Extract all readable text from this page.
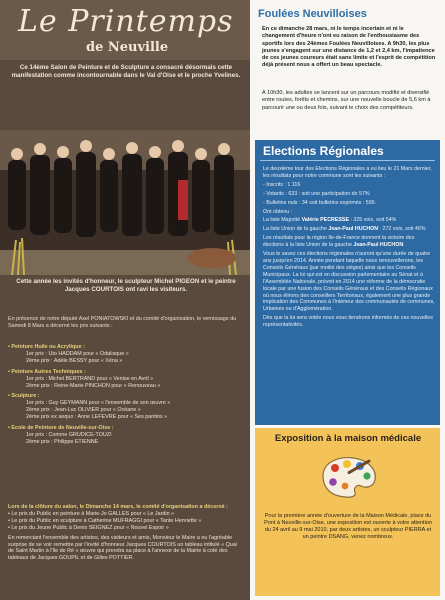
Le Printemps
de Neuville
Ce 14ème Salon de Peinture et de Sculpture a consacré désormais cette manifestation comme incontournable dans le Val d'Oise et le proche Yvelines.
Cette année les invités d'honneur, le sculpteur Michel PIGEON et le peintre Jacques COURTOIS ont ravi les visiteurs.
En présence de notre député Axel PONIATOWSKI et du comité d'organisation, le vernissage du Samedi 8 Mars a décerné les prix suivants :
• Peinture Huile ou Acrylique :
1er prix : Uto HADDAM pour « Odalisque »
2ème prix : Adèle BESSY pour « Xéna »
• Peinture Autres Techniques :
1er prix : Michel BERTRAND pour « Venise en Avril »
2ème prix : Reine-Marie PINCHON pour « Renouveau »
• Sculpture :
1er prix : Guy GEYMANN pour « l'ensemble de son œuvre »
2ème prix : Jean-Luc OLIVIER pour « Océane »
2ème prix ex aequo : Anne LEFEVRE pour « Ses pantins »
• Ecole de Peinture de Neuville-sur-Oise :
1er prix : Corinne GRUDICE-TOUZI
2ème prix : Philippe ETIENNE
Lors de la clôture du salon, le Dimanche 14 mars, le comité d'organisation a décerné :
• Le prix du Public en peinture à Marie-Jo GALLES pour « Le Jardin »
• Le prix du Public en sculpture à Catherine MUFRAGGI pour « Tante Henriette »
• Le prix du Jeune Public à Denis SEIGNEZ pour « Nouvel Espoir »

En remerciant l'ensemble des artistes, des visiteurs et amis, Monsieur le Maire a eu l'agréable surprise de se voir remettre par l'invité d'honneur Jacques COURTOIS un tableau intitulé « Quai de Saint Martin à l'île de Ré » œuvre qui prendra sa place à l'annexe de la Mairie à coté des tableaux de Jacques GOUPIL et de Gilles POTTIER.

Foulées Neuvilloises
En ce dimanche 28 mars, ni le temps incertain et ni le changement d'heure n'ont eu raison de l'enthousiasme des sportifs lors des 24èmes Foulées Neuvilloises. A 9h30, les plus jeunes s'engagent sur une distance de 1,2 et 2,4 km, l'impatience de ces jeunes coureurs était sans limite et l'esprit de compétition déjà présent nous a offert un beau spectacle.
A 10h30, les adultes se lancent sur un parcours modifié et diversifié entre routes, forêts et chemins, sur une nouvelle boucle de 5,6 km à parcourir une ou deux fois, suivant le choix des compétiteurs.
Elections Régionales

Le deuxième tour des Elections Régionales a eu lieu le 21 Mars dernier, les résultats pour notre commune sont les suivants :

- Inscrits : 1 116

- Votants : 633 : soit une participation de 57%

- Bulletins nuls : 34 soit bulletins exprimés : 599.

Ont obtenu :

La liste Majorité Valérie PECRESSE : 325 voix, soit 54%

La liste Union de la gauche Jean-Paul HUCHON : 272 voix, soit 46%

Les résultats pour la région Ile-de-France donnent la victoire des élections à la liste Union de la gauche Jean-Paul HUCHON.

Vous le savez ces élections régionales n'auront qu'une durée de quatre ans jusqu'en 2014. Année pendant laquelle nous renouvellerons, les Conseils Généraux (par moitié des sièges) ainsi que les Conseils Municipaux. La loi qui est en discussion parlementaire au Sénat et à l'Assemblée Nationale, prévoit en 2014 une réforme de la démocratie locale par une fusion des Conseils Généraux et des Conseils Régionaux où nous élirons des conseillers Territoriaux, également une plus grande implication des Communes à l'intérieur des communautés de communes, Urbaines ou d'Agglomération.

Dès que la loi sera votée nous vous tiendrons informés de ces nouvelles représentativités.

Exposition à la maison médicale
Pour la première année d'ouverture de la Maison Médicale, place du Pont à Neuville-sur-Oise, une exposition est ouverte à votre attention du 24 avril au 9 mai 2010, par deux artistes, un sculpteur PIERRA et un peintre DSANG, venez nombreux.
